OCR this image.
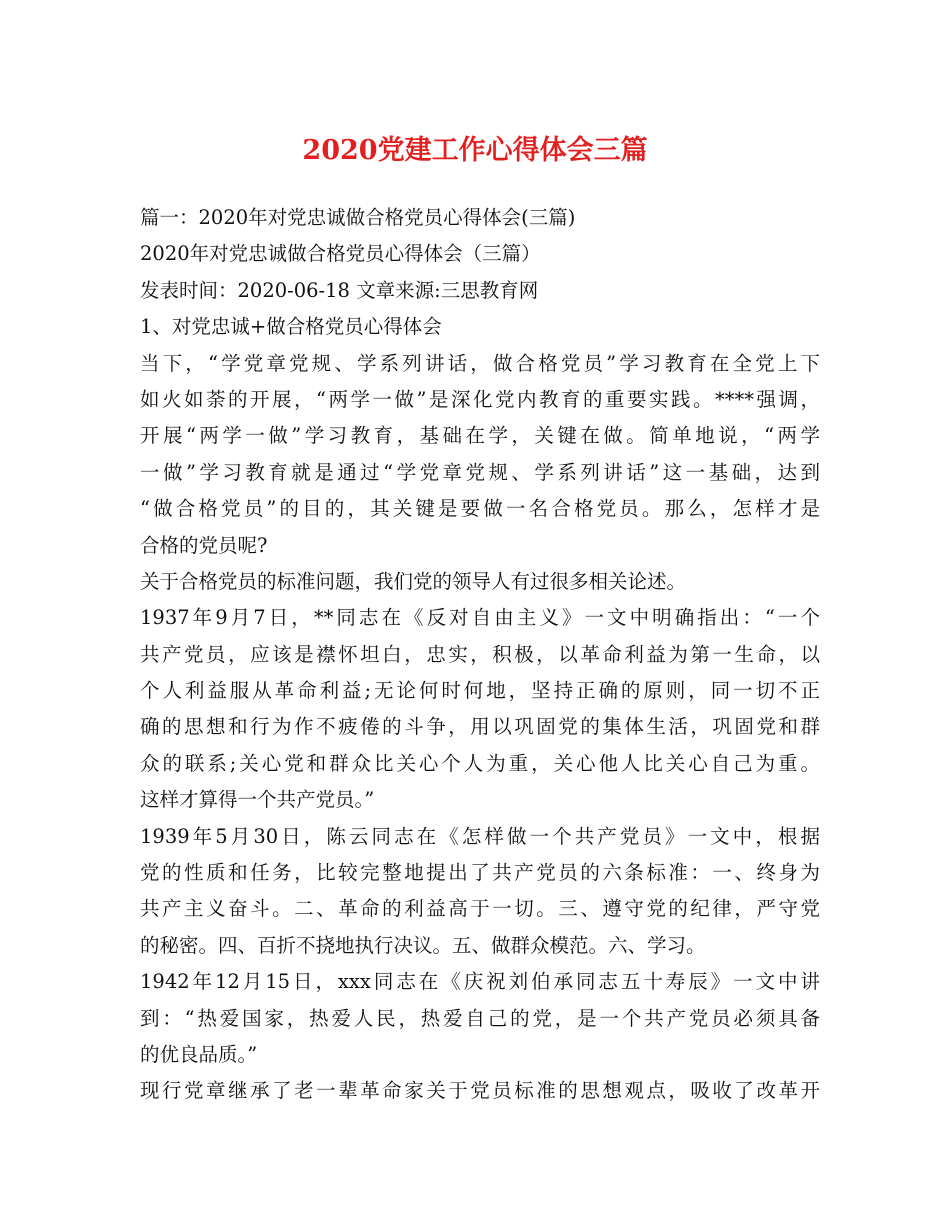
2020党建工作心得体会三篇
篇一：2020年对党忠诚做合格党员心得体会(三篇)
2020年对党忠诚做合格党员心得体会（三篇）
发表时间：2020-06-18 文章来源:三思教育网
1、对党忠诚+做合格党员心得体会
当下，“学党章党规、学系列讲话，做合格党员”学习教育在全党上下
如火如荼的开展，“两学一做”是深化党内教育的重要实践。****强调，
开展“两学一做”学习教育，基础在学，关键在做。简单地说，“两学
一做”学习教育就是通过“学党章党规、学系列讲话”这一基础，达到
“做合格党员”的目的，其关键是要做一名合格党员。那么，怎样才是
合格的党员呢?
关于合格党员的标准问题，我们党的领导人有过很多相关论述。
1937年9月7日，**同志在《反对自由主义》一文中明确指出：“一个
共产党员，应该是襟怀坦白，忠实，积极，以革命利益为第一生命，以
个人利益服从革命利益;无论何时何地，坚持正确的原则，同一切不正
确的思想和行为作不疲倦的斗争，用以巩固党的集体生活，巩固党和群
众的联系;关心党和群众比关心个人为重，关心他人比关心自己为重。
这样才算得一个共产党员。”
1939年5月30日，陈云同志在《怎样做一个共产党员》一文中，根据
党的性质和任务，比较完整地提出了共产党员的六条标准：一、终身为
共产主义奋斗。二、革命的利益高于一切。三、遵守党的纪律，严守党
的秘密。四、百折不挠地执行决议。五、做群众模范。六、学习。
1942年12月15日，xxx同志在《庆祝刘伯承同志五十寿辰》一文中讲
到：“热爱国家，热爱人民，热爱自己的党，是一个共产党员必须具备
的优良品质。”
现行党章继承了老一辈革命家关于党员标准的思想观点，吸收了改革开
